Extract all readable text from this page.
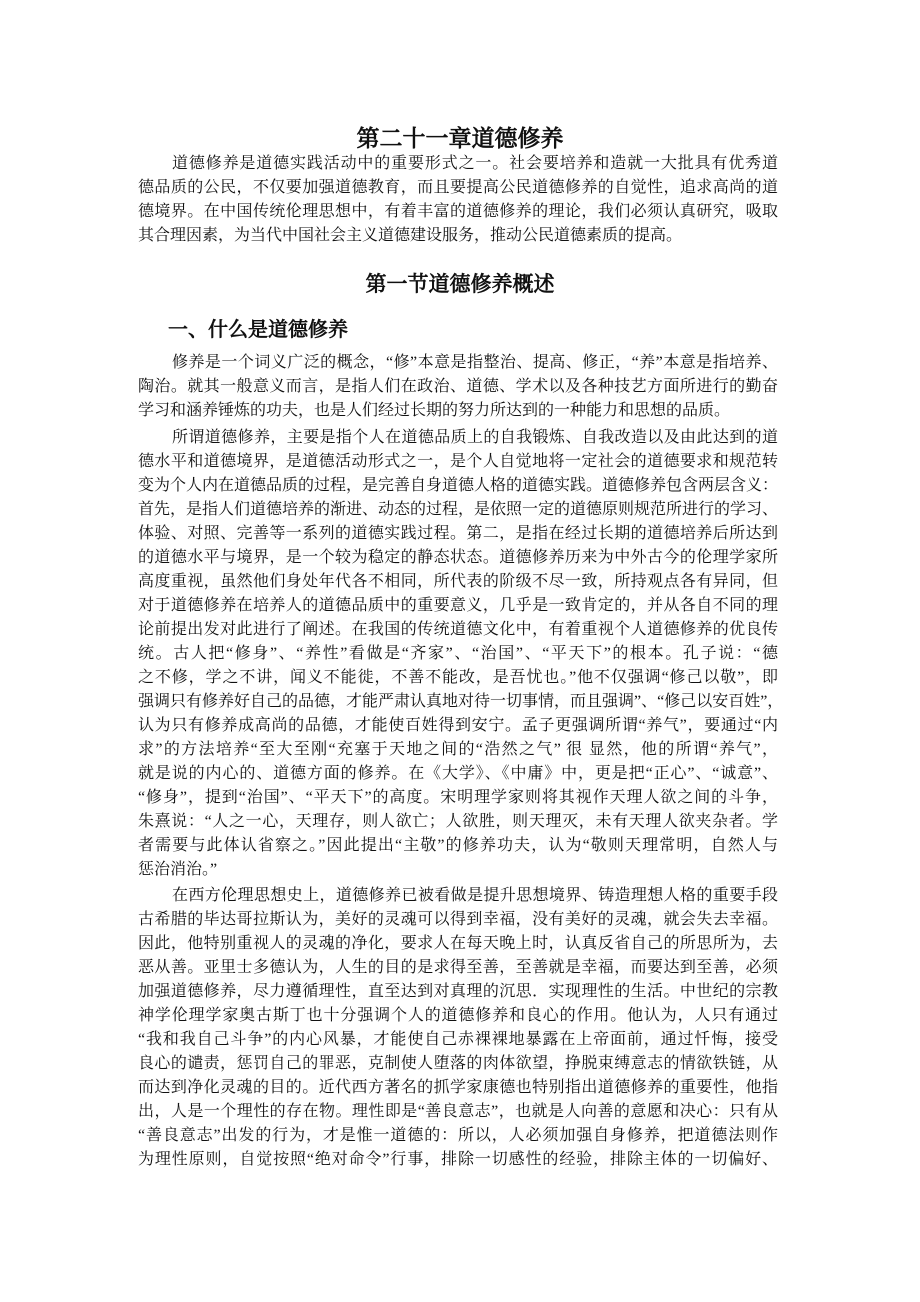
第二十一章道德修养
道德修养是道德实践活动中的重要形式之一。社会要培养和造就一大批具有优秀道
德品质的公民，不仅要加强道德教育，而且要提高公民道德修养的自觉性，追求高尚的道
德境界。在中国传统伦理思想中，有着丰富的道德修养的理论，我们必须认真研究，吸取
其合理因素，为当代中国社会主义道德建设服务，推动公民道德素质的提高。
第一节道德修养概述
一、什么是道德修养
修养是一个词义广泛的概念，“修”本意是指整治、提高、修正，“养”本意是指培养、
陶治。就其一般意义而言，是指人们在政治、道德、学术以及各种技艺方面所进行的勤奋
学习和涵养锤炼的功夫，也是人们经过长期的努力所达到的一种能力和思想的品质。
所谓道德修养，主要是指个人在道德品质上的自我锻炼、自我改造以及由此达到的道
德水平和道德境界，是道德活动形式之一，是个人自觉地将一定社会的道德要求和规范转
变为个人内在道德品质的过程，是完善自身道德人格的道德实践。道德修养包含两层含义：
首先，是指人们道德培养的渐进、动态的过程，是依照一定的道德原则规范所进行的学习、
体验、对照、完善等一系列的道德实践过程。第二，是指在经过长期的道德培养后所达到
的道德水平与境界，是一个较为稳定的静态状态。道德修养历来为中外古今的伦理学家所
高度重视，虽然他们身处年代各不相同，所代表的阶级不尽一致，所持观点各有异同，但
对于道德修养在培养人的道德品质中的重要意义，几乎是一致肯定的，并从各自不同的理
论前提出发对此进行了阐述。在我国的传统道德文化中，有着重视个人道德修养的优良传
统。古人把“修身”、“养性”看做是“齐家”、“治国”、“平天下”的根本。孔子说：“德
之不修，学之不讲，闻义不能徙，不善不能改，是吾忧也。”他不仅强调“修己以敬”，即
强调只有修养好自己的品德，才能严肃认真地对待一切事情，而且强调”、“修己以安百姓”，
认为只有修养成高尚的品德，才能使百姓得到安宁。孟子更强调所谓“养气”，要通过“内
求”的方法培养“至大至刚“充塞于天地之间的“浩然之气” 很 显然，他的所谓“养气”，
就是说的内心的、道德方面的修养。在《大学》、《中庸》中，更是把“正心”、“诚意”、
“修身”，提到“治国”、“平天下”的高度。宋明理学家则将其视作天理人欲之间的斗争，
朱熹说：“人之一心，天理存，则人欲亡；人欲胜，则天理灭，未有天理人欲夹杂者。学
者需要与此体认省察之。”因此提出“主敬”的修养功夫，认为“敬则天理常明，自然人与
惩治消治。”
在西方伦理思想史上，道德修养已被看做是提升思想境界、铸造理想人格的重要手段
古希腊的毕达哥拉斯认为，美好的灵魂可以得到幸福，没有美好的灵魂，就会失去幸福。
因此，他特别重视人的灵魂的净化，要求人在每天晚上时，认真反省自己的所思所为，去
恶从善。亚里士多德认为，人生的目的是求得至善，至善就是幸福，而要达到至善，必须
加强道德修养，尽力遵循理性，直至达到对真理的沉思．实现理性的生活。中世纪的宗教
神学伦理学家奥古斯丁也十分强调个人的道德修养和良心的作用。他认为，人只有通过
“我和我自己斗争”的内心风暴，才能使自己赤裸裸地暴露在上帝面前，通过忏悔，接受
良心的谴责，惩罚自己的罪恶，克制使人堕落的肉体欲望，挣脱束缚意志的情欲铁链，从
而达到净化灵魂的目的。近代西方著名的抓学家康德也特别指出道德修养的重要性，他指
出，人是一个理性的存在物。理性即是“善良意志”，也就是人向善的意愿和决心：只有从
“善良意志”出发的行为，才是惟一道德的：所以，人必须加强自身修养，把道德法则作
为理性原则，自觉按照“绝对命令”行事，排除一切感性的经验，排除主体的一切偏好、
